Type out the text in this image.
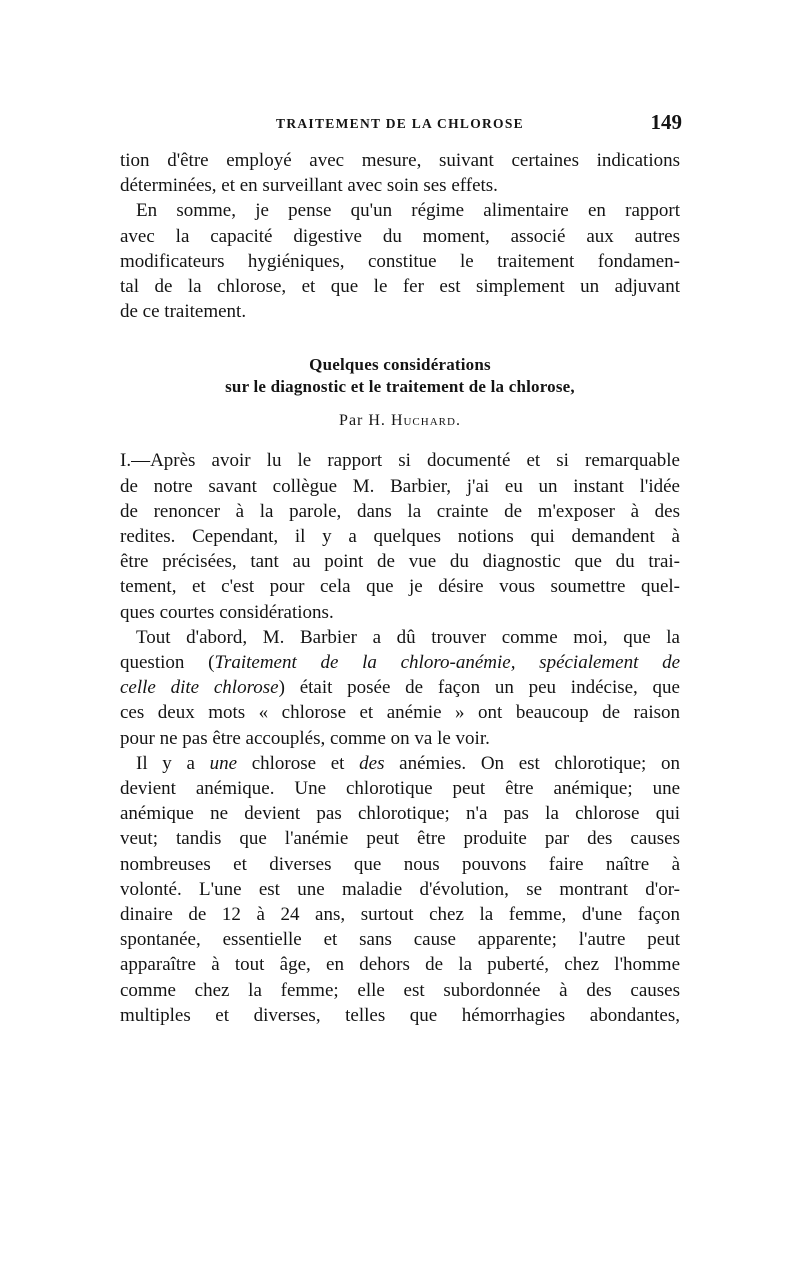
TRAITEMENT DE LA CHLOROSE	149

tion d'être employé avec mesure, suivant certaines indications
déterminées, et en surveillant avec soin ses effets.

En somme, je pense qu'un régime alimentaire en rapport
avec la capacité digestive du moment, associé aux autres
modificateurs hygiéniques, constitue le traitement fondamen-
tal de la chlorose, et que le fer est simplement un adjuvant
de ce traitement.

Quelques considérations
sur le diagnostic et le traitement de la chlorose,
Par H. Huchard.

I.—Après avoir lu le rapport si documenté et si remarquable
de notre savant collègue M. Barbier, j'ai eu un instant l'idée
de renoncer à la parole, dans la crainte de m'exposer à des
redites. Cependant, il y a quelques notions qui demandent à
être précisées, tant au point de vue du diagnostic que du trai-
tement, et c'est pour cela que je désire vous soumettre quel-
ques courtes considérations.

Tout d'abord, M. Barbier a dû trouver comme moi, que la
question (Traitement de la chloro-anémie, spécialement de
celle dite chlorose) était posée de façon un peu indécise, que
ces deux mots « chlorose et anémie » ont beaucoup de raison
pour ne pas être accouplés, comme on va le voir.

Il y a une chlorose et des anémies. On est chlorotique; on
devient anémique. Une chlorotique peut être anémique; une
anémique ne devient pas chlorotique; n'a pas la chlorose qui
veut; tandis que l'anémie peut être produite par des causes
nombreuses et diverses que nous pouvons faire naître à
volonté. L'une est une maladie d'évolution, se montrant d'or-
dinaire de 12 à 24 ans, surtout chez la femme, d'une façon
spontanée, essentielle et sans cause apparente; l'autre peut
apparaître à tout âge, en dehors de la puberté, chez l'homme
comme chez la femme; elle est subordonnée à des causes
multiples et diverses, telles que hémorrhagies abondantes,
